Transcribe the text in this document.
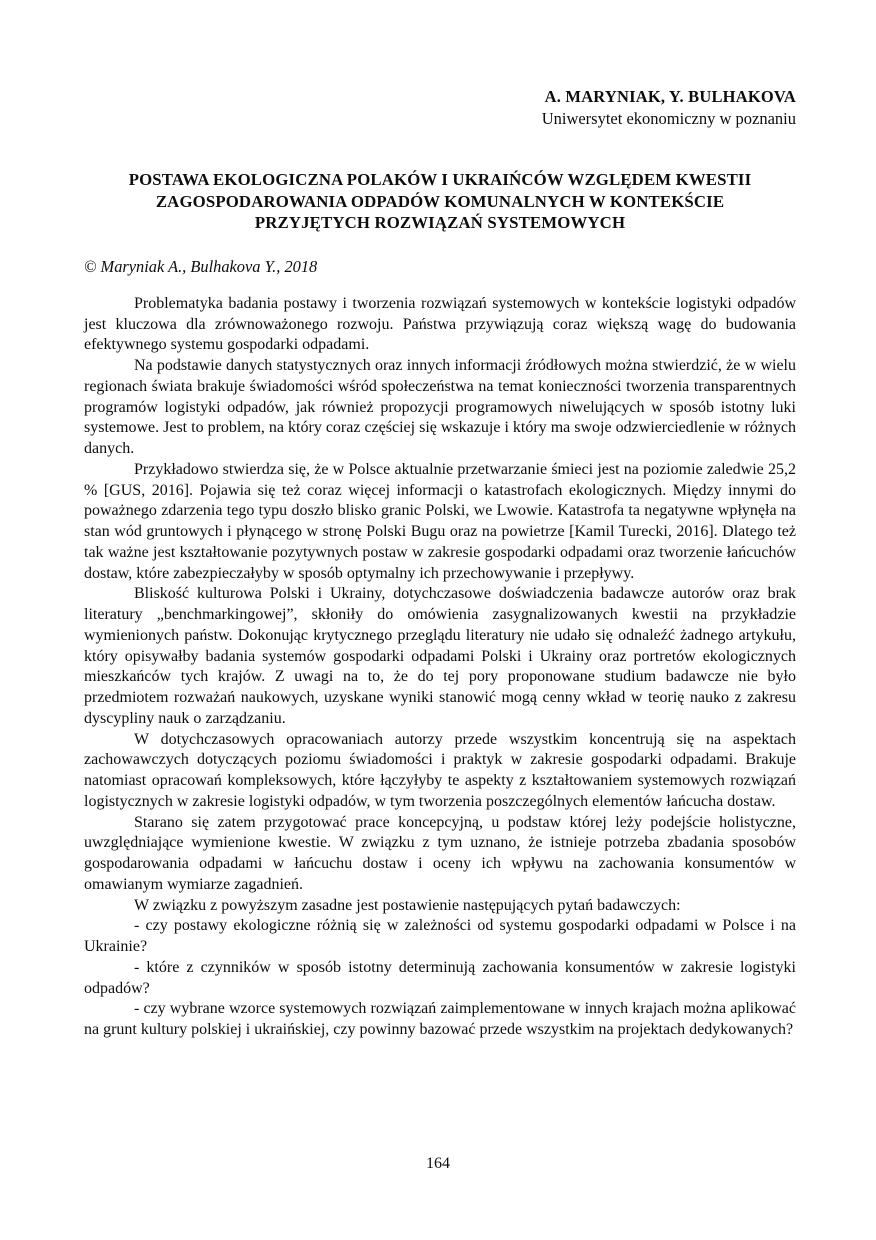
A. MARYNIAK, Y. BULHAKOVA
Uniwersytet ekonomiczny w poznaniu
POSTAWA EKOLOGICZNA POLAKÓW I UKRAIŃCÓW WZGLĘDEM KWESTII
ZAGOSPODAROWANIA ODPADÓW KOMUNALNYCH W KONTEKŚCIE
PRZYJĘTYCH ROZWIĄZAŃ SYSTEMOWYCH
© Maryniak A., Bulhakova Y., 2018

Problematyka badania postawy i tworzenia rozwiązań systemowych w kontekście logistyki odpadów jest kluczowa dla zrównoważonego rozwoju. Państwa przywiązują coraz większą wagę do budowania efektywnego systemu gospodarki odpadami.

Na podstawie danych statystycznych oraz innych informacji źródłowych można stwierdzić, że w wielu regionach świata brakuje świadomości wśród społeczeństwa na temat konieczności tworzenia transparentnych programów logistyki odpadów, jak również propozycji programowych niwelujących w sposób istotny luki systemowe. Jest to problem, na który coraz częściej się wskazuje i który ma swoje odzwierciedlenie w różnych danych.

Przykładowo stwierdza się, że w Polsce aktualnie przetwarzanie śmieci jest na poziomie zaledwie 25,2 % [GUS, 2016]. Pojawia się też coraz więcej informacji o katastrofach ekologicznych. Między innymi do poważnego zdarzenia tego typu doszło blisko granic Polski, we Lwowie. Katastrofa ta negatywne wpłynęła na stan wód gruntowych i płynącego w stronę Polski Bugu oraz na powietrze [Kamil Turecki, 2016]. Dlatego też tak ważne jest kształtowanie pozytywnych postaw w zakresie gospodarki odpadami oraz tworzenie łańcuchów dostaw, które zabezpieczałyby w sposób optymalny ich przechowywanie i przepływy.

Bliskość kulturowa Polski i Ukrainy, dotychczasowe doświadczenia badawcze autorów oraz brak literatury „benchmarkingowej”, skłoniły do omówienia zasygnalizowanych kwestii na przykładzie wymienionych państw. Dokonując krytycznego przeglądu literatury nie udało się odnaleźć żadnego artykułu, który opisywałby badania systemów gospodarki odpadami Polski i Ukrainy oraz portretów ekologicznych mieszkańców tych krajów. Z uwagi na to, że do tej pory proponowane studium badawcze nie było przedmiotem rozważań naukowych, uzyskane wyniki stanowić mogą cenny wkład w teorię nauko z zakresu dyscypliny nauk o zarządzaniu.

W dotychczasowych opracowaniach autorzy przede wszystkim koncentrują się na aspektach zachowawczych dotyczących poziomu świadomości i praktyk w zakresie gospodarki odpadami. Brakuje natomiast opracowań kompleksowych, które łączyłyby te aspekty z kształtowaniem systemowych rozwiązań logistycznych w zakresie logistyki odpadów, w tym tworzenia poszczególnych elementów łańcucha dostaw.

Starano się zatem przygotować prace koncepcyjną, u podstaw której leży podejście holistyczne, uwzględniające wymienione kwestie. W związku z tym uznano, że istnieje potrzeba zbadania sposobów gospodarowania odpadami w łańcuchu dostaw i oceny ich wpływu na zachowania konsumentów w omawianym wymiarze zagadnień.

W związku z powyższym zasadne jest postawienie następujących pytań badawczych:

- czy postawy ekologiczne różnią się w zależności od systemu gospodarki odpadami w Polsce i na Ukrainie?

- które z czynników w sposób istotny determinują zachowania konsumentów w zakresie logistyki odpadów?

- czy wybrane wzorce systemowych rozwiązań zaimplementowane w innych krajach można aplikować na grunt kultury polskiej i ukraińskiej, czy powinny bazować przede wszystkim na projektach dedykowanych?

164
